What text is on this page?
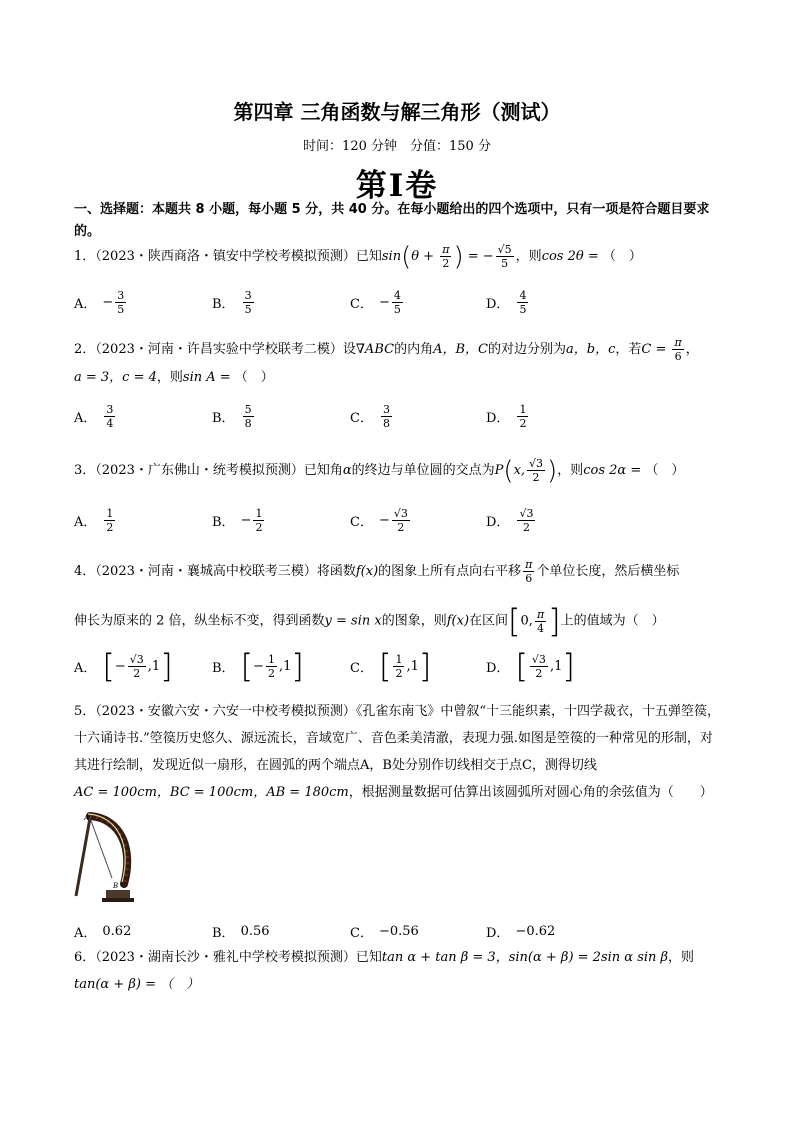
第四章 三角函数与解三角形（测试）
时间：120 分钟　分值：150 分
第I卷
一、选择题：本题共 8 小题，每小题 5 分，共 40 分。在每小题给出的四个选项中，只有一项是符合题目要求的。
1．（2023・陕西商洛・镇安中学校考模拟预测）已知$\sin(\theta + \frac{\pi}{2}$ ) = − $\frac{√5}{5}$ ，则cos 2θ = （　）
A． − $\frac{3}{5}$	B． $\frac{3}{5}$	C． − $\frac{4}{5}$	D． $\frac{4}{5}$
2．（2023・河南・许昌实验中学校联考二模）设∇ABC的内角A，B，C的对边分别为a，b，c，若$C = \frac{\pi}{6}$ ，
a = 3，c = 4，则sin A = （　）
A． $\frac{3}{4}$	B． $\frac{5}{8}$	C． $\frac{3}{8}$	D． $\frac{1}{2}$
3．（2023・广东佛山・统考模拟预测）已知角α的终边与单位圆的交点为P(x, $\frac{√3}{2}$ )，则cos 2α = （　）
A． $\frac{1}{2}$	B． − $\frac{1}{2}$	C． − $\frac{√3}{2}$	D． $\frac{√3}{2}$
4．（2023・河南・襄城高中校联考三模）将函数f(x)的图象上所有点向右平移 $\frac{\pi}{6}$ 个单位长度，然后横坐标
伸长为原来的 2 倍，纵坐标不变，得到函数y = sin x的图象，则f(x)在区间[0, $\frac{\pi}{4}$ ]上的值域为（　）
A． [ − $\frac{√3}{2} ,1$ ]	B． [ − $\frac{1}{2} ,1$ ]	C． [ $\frac{1}{2} ,1$ ]	D． [ $\frac{√3}{2} ,1$ ]
5．（2023・安徽六安・六安一中校考模拟预测）《孔雀东南飞》中曾叙“十三能织素，十四学裁衣，十五弹箜篌，十六诵诗书.”箜篌历史悠久、源远流长，音域宽广、音色柔美清澈，表现力强.如图是箜篌的一种常见的形制，对其进行绘制，发现近似一扇形，在圆弧的两个端点A，B处分别作切线相交于点C，测得切线
AC = 100cm，BC = 100cm，AB = 180cm，根据测量数据可估算出该圆弧所对圆心角的余弦值为（　　）
A
B
A． 0.62	B． 0.56	C． −0.56	D． −0.62
6．（2023・湖南长沙・雅礼中学校考模拟预测）已知tan α + tan β = 3，sin(α + β) = 2sin α sin β，则
tan(α + β) = （　）
